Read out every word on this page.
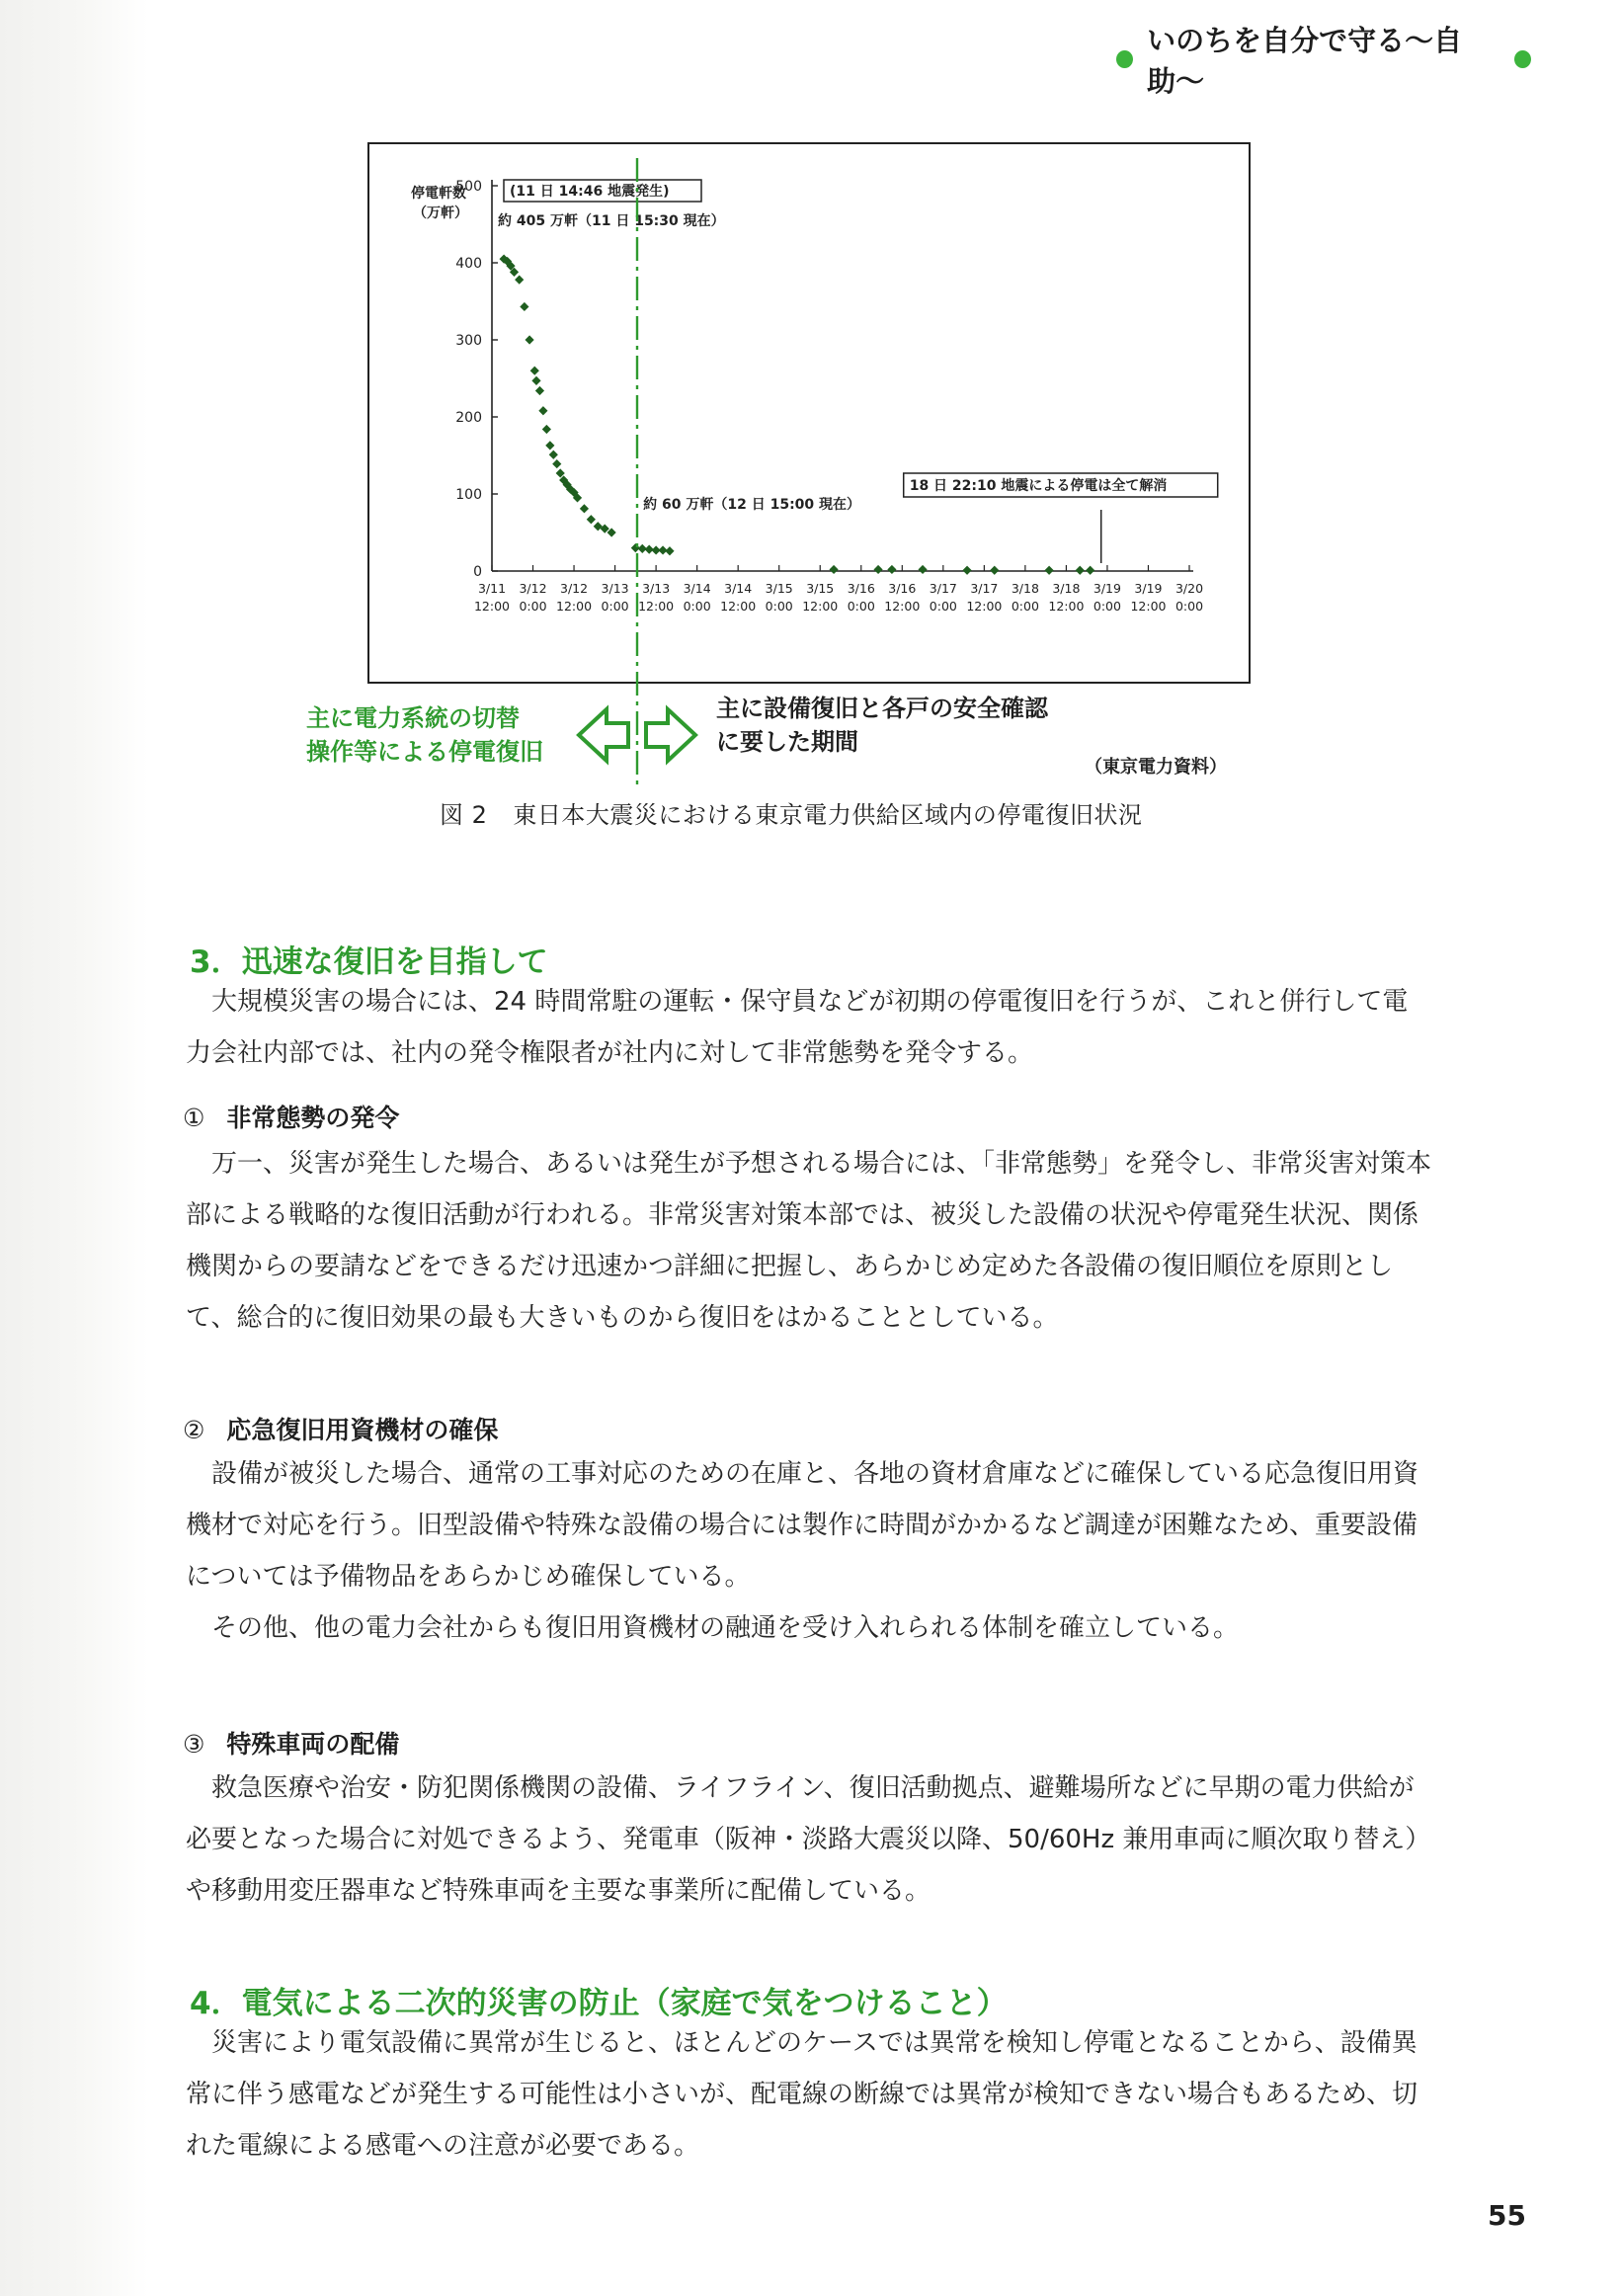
いのちを自分で守る〜自助〜
停電軒数 （万軒）
0
100
200
300
400
500
3/11
12:00
3/12
0:00
3/12
12:00
3/13
0:00
3/13
12:00
3/14
0:00
3/14
12:00
3/15
0:00
3/15
12:00
3/16
0:00
3/16
12:00
3/17
0:00
3/17
12:00
3/18
0:00
3/18
12:00
3/19
0:00
3/19
12:00
3/20
0:00
(11 日 14:46 地震発生)
約 405 万軒（11 日 15:30 現在）
約 60 万軒（12 日 15:00 現在）
18 日 22:10 地震による停電は全て解消
主に電力系統の切替
操作等による停電復旧
主に設備復旧と各戸の安全確認
に要した期間
（東京電力資料）
図 2 東日本大震災における東京電力供給区域内の停電復旧状況
3．迅速な復旧を目指して

大規模災害の場合には、24 時間常駐の運転・保守員などが初期の停電復旧を行うが、これと併行して電力会社内部では、社内の発令権限者が社内に対して非常態勢を発令する。

① 非常態勢の発令

万一、災害が発生した場合、あるいは発生が予想される場合には、「非常態勢」を発令し、非常災害対策本部による戦略的な復旧活動が行われる。非常災害対策本部では、被災した設備の状況や停電発生状況、関係機関からの要請などをできるだけ迅速かつ詳細に把握し、あらかじめ定めた各設備の復旧順位を原則として、総合的に復旧効果の最も大きいものから復旧をはかることとしている。

② 応急復旧用資機材の確保

設備が被災した場合、通常の工事対応のための在庫と、各地の資材倉庫などに確保している応急復旧用資機材で対応を行う。旧型設備や特殊な設備の場合には製作に時間がかかるなど調達が困難なため、重要設備については予備物品をあらかじめ確保している。

その他、他の電力会社からも復旧用資機材の融通を受け入れられる体制を確立している。

③ 特殊車両の配備

救急医療や治安・防犯関係機関の設備、ライフライン、復旧活動拠点、避難場所などに早期の電力供給が必要となった場合に対処できるよう、発電車（阪神・淡路大震災以降、50/60Hz 兼用車両に順次取り替え）や移動用変圧器車など特殊車両を主要な事業所に配備している。

4．電気による二次的災害の防止（家庭で気をつけること）

災害により電気設備に異常が生じると、ほとんどのケースでは異常を検知し停電となることから、設備異常に伴う感電などが発生する可能性は小さいが、配電線の断線では異常が検知できない場合もあるため、切れた電線による感電への注意が必要である。

55
